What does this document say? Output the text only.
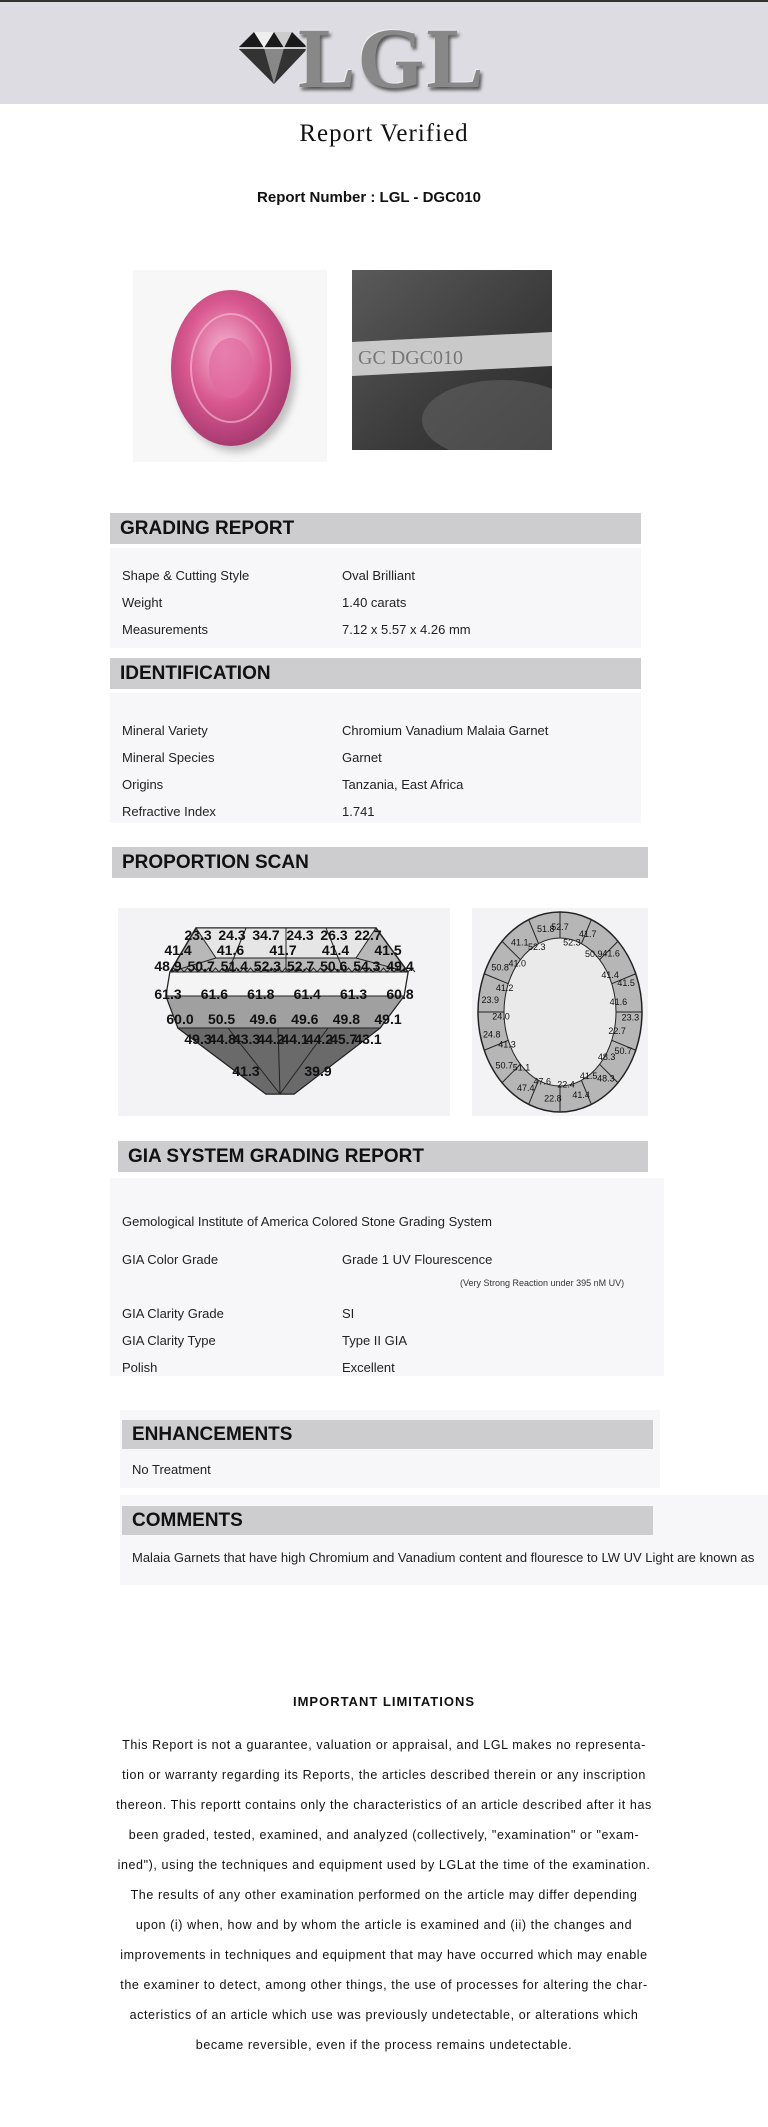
LGL
Report Verified
Report Number : LGL - DGC010
GC DGC010
GRADING REPORT
Shape & Cutting Style	Oval Brilliant
Weight	1.40 carats
Measurements	7.12 x 5.57 x 4.26 mm
IDENTIFICATION
Mineral Variety	Chromium Vanadium Malaia Garnet
Mineral Species	Garnet
Origins	Tanzania, East Africa
Refractive Index	1.741
PROPORTION SCAN
23.3 24.3 34.7 24.3 26.3 22.7
41.4 41.6 41.7 41.4 41.5
48.9 50.7 51.4 52.3 52.7 50.6 54.3 49.4
61.3 61.6 61.8 61.4 61.3 60.8
60.0 50.5 49.6 49.6 49.8 49.1
49.3
44.8
43.3
44.2
44.1
44.2
45.7
43.1
41.3	39.9
52.7
52.3
41.7
50.9 41.6
41.4
41.5
41.6
23.3
22.7
50.7
48.3
48.3
41.5
41.4
22.4
22.8
47.6
47.4
51.1
50.7
41.3
24.8
24.0
23.9
41.2
50.8 41.0
41.1 52.3
51.8
GIA SYSTEM GRADING REPORT
Gemological Institute of America Colored Stone Grading System
GIA Color Grade	Grade 1 UV Flourescence
(Very Strong Reaction under 395 nM UV)
GIA Clarity Grade	SI
GIA Clarity Type	Type II GIA
Polish	Excellent
ENHANCEMENTS
No Treatment
COMMENTS
Malaia Garnets that have high Chromium and Vanadium content and flouresce to LW UV Light are known as
IMPORTANT LIMITATIONS
This Report is not a guarantee, valuation or appraisal, and LGL makes no representa-
tion or warranty regarding its Reports, the articles described therein or any inscription
thereon. This reportt contains only the characteristics of an article described after it has
been graded, tested, examined, and analyzed (collectively, "examination" or "exam-
ined"), using the techniques and equipment used by LGLat the time of the examination.
The results of any other examination performed on the article may differ depending
upon (i) when, how and by whom the article is examined and (ii) the changes and
improvements in techniques and equipment that may have occurred which may enable
the examiner to detect, among other things, the use of processes for altering the char-
acteristics of an article which use was previously undetectable, or alterations which
became reversible, even if the process remains undetectable.
